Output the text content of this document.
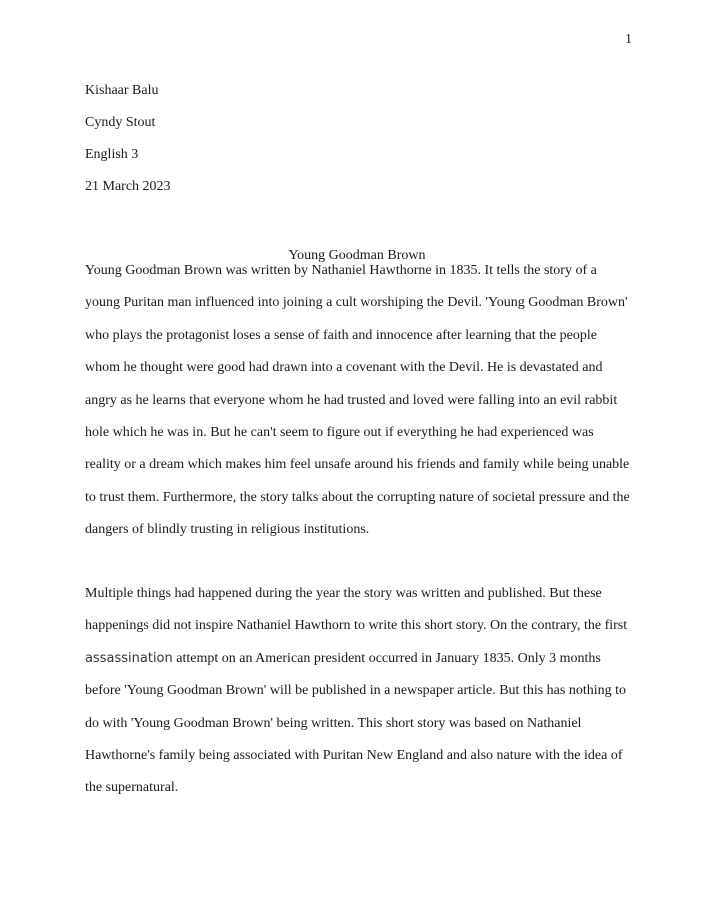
1
Kishaar Balu
Cyndy Stout
English 3
21 March 2023
Young Goodman Brown
Young Goodman Brown was written by Nathaniel Hawthorne in 1835. It tells the story of a
young Puritan man influenced into joining a cult worshiping the Devil. 'Young Goodman Brown'
who plays the protagonist loses a sense of faith and innocence after learning that the people
whom he thought were good had drawn into a covenant with the Devil. He is devastated and
angry as he learns that everyone whom he had trusted and loved were falling into an evil rabbit
hole which he was in. But he can't seem to figure out if everything he had experienced was
reality or a dream which makes him feel unsafe around his friends and family while being unable
to trust them. Furthermore, the story talks about the corrupting nature of societal pressure and the
dangers of blindly trusting in religious institutions.
Multiple things had happened during the year the story was written and published. But these
happenings did not inspire Nathaniel Hawthorn to write this short story. On the contrary, the first
assassination attempt on an American president occurred in January 1835. Only 3 months
before 'Young Goodman Brown' will be published in a newspaper article. But this has nothing to
do with 'Young Goodman Brown' being written. This short story was based on Nathaniel
Hawthorne's family being associated with Puritan New England and also nature with the idea of
the supernatural.
